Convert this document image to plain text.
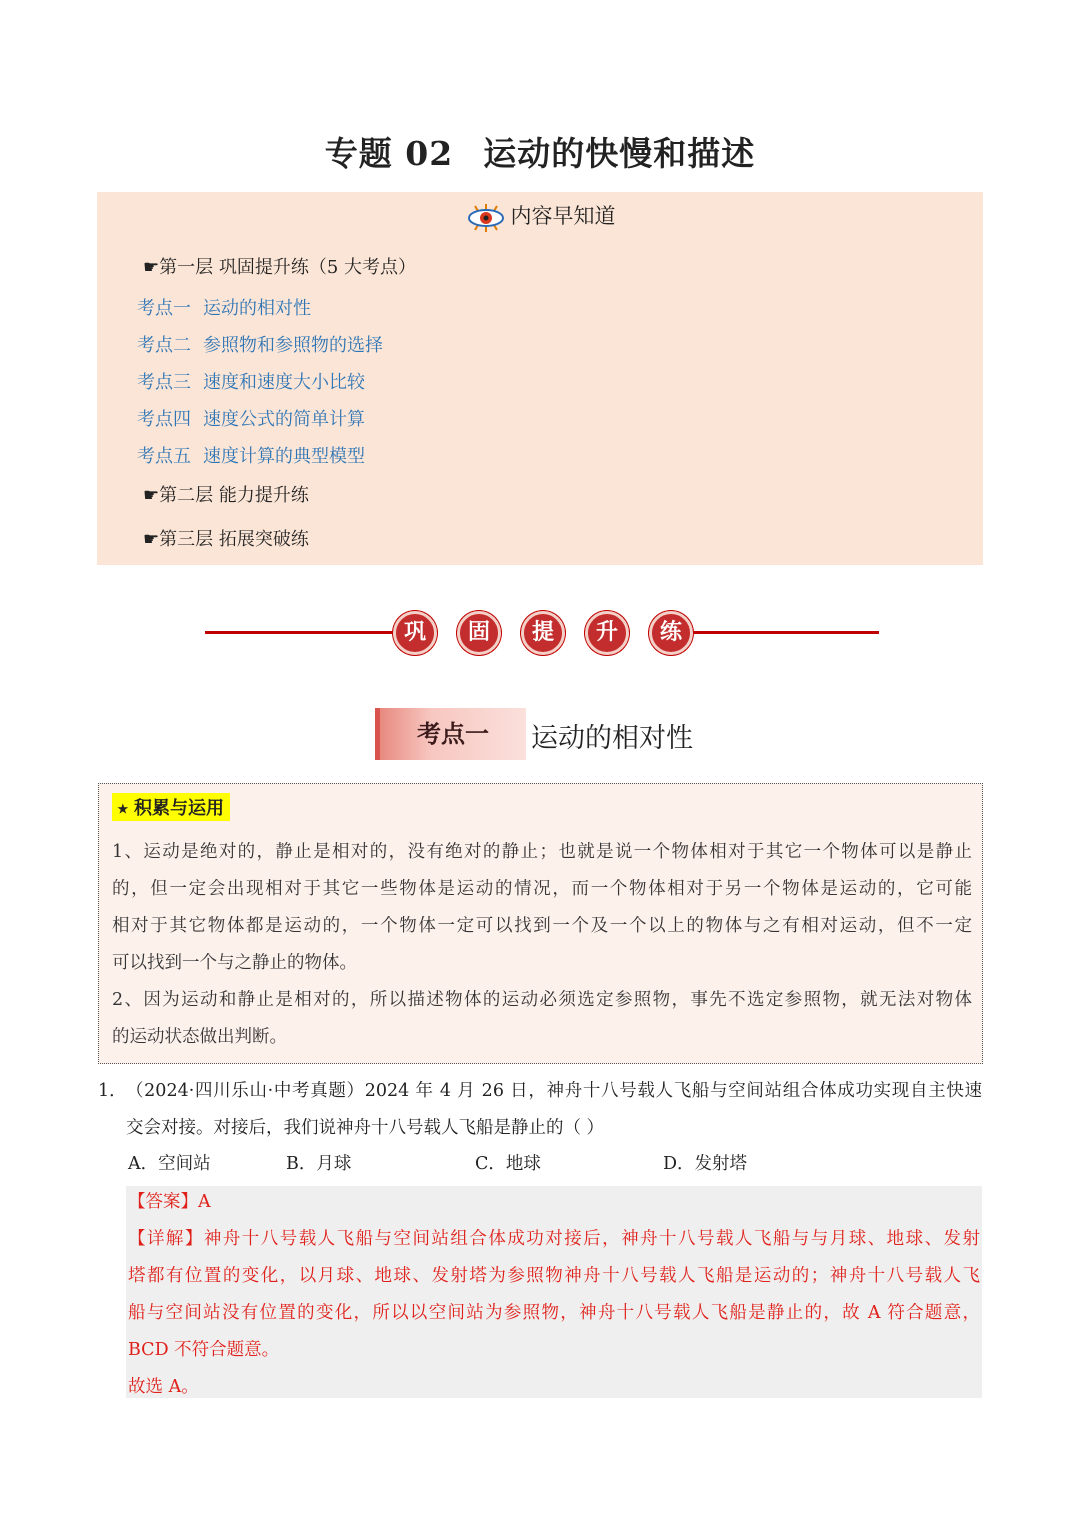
专题 02 运动的快慢和描述
内容早知道
☛第一层 巩固提升练（5 大考点）
考点一 运动的相对性
考点二 参照物和参照物的选择
考点三 速度和速度大小比较
考点四 速度公式的简单计算
考点五 速度计算的典型模型
☛第二层 能力提升练
☛第三层 拓展突破练
巩	固	提	升	练
考点一	运动的相对性
⭑ 积累与运用
1、运动是绝对的，静止是相对的，没有绝对的静止；也就是说一个物体相对于其它一个物体可以是静止
的，但一定会出现相对于其它一些物体是运动的情况，而一个物体相对于另一个物体是运动的，它可能
相对于其它物体都是运动的，一个物体一定可以找到一个及一个以上的物体与之有相对运动，但不一定
可以找到一个与之静止的物体。
2、因为运动和静止是相对的，所以描述物体的运动必须选定参照物，事先不选定参照物，就无法对物体
的运动状态做出判断。
1． （2024·四川乐山·中考真题）2024 年 4 月 26 日，神舟十八号载人飞船与空间站组合体成功实现自主快速
交会对接。对接后，我们说神舟十八号载人飞船是静止的（ ）
A．空间站	B．月球	C．地球	D．发射塔
【答案】A
【详解】神舟十八号载人飞船与空间站组合体成功对接后，神舟十八号载人飞船与与月球、地球、发射
塔都有位置的变化，以月球、地球、发射塔为参照物神舟十八号载人飞船是运动的；神舟十八号载人飞
船与空间站没有位置的变化，所以以空间站为参照物，神舟十八号载人飞船是静止的，故 A 符合题意，
BCD 不符合题意。
故选 A。
